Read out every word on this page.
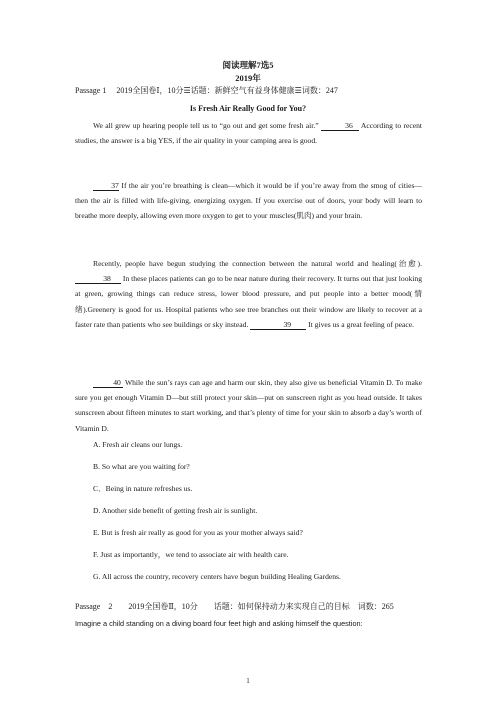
阅读理解7选5
2019年
Passage 1　 2019全国卷Ⅰ，10分☰话题：新鲜空气有益身体健康☰词数：247
Is Fresh Air Really Good for You?

We all grew up hearing people tell us to “go out and get some fresh air.”	36 According to recent studies, the answer is a big YES, if the air quality in your camping area is good.

37 If the air you’re breathing is clean—which it would be if you’re away from the smog of cities—then the air is filled with life-giving, energizing oxygen. If you exercise out of doors, your body will learn to breathe more deeply, allowing even more oxygen to get to your muscles(肌肉) and your brain.

Recently, people have begun studying the connection between the natural world and healing(治愈). 38 In these places patients can go to be near nature during their recovery. It turns out that just looking at green, growing things can reduce stress, lower blood pressure, and put people into a better mood(情绪).Greenery is good for us. Hospital patients who see tree branches out their window are likely to recover at a faster rate than patients who see buildings or sky instead.	39 It gives us a great feeling of peace.

40 While the sun’s rays can age and harm our skin, they also give us beneficial Vitamin D. To make sure you get enough Vitamin D—but still protect your skin—put on sunscreen right as you head outside. It takes sunscreen about fifteen minutes to start working, and that’s plenty of time for your skin to absorb a day’s worth of Vitamin D.

A. Fresh air cleans our lungs.
B. So what are you waiting for?
C．Being in nature refreshes us.
D. Another side benefit of getting fresh air is sunlight.
E. But is fresh air really as good for you as your mother always said?
F. Just as importantly，we tend to associate air with health care.
G. All across the country, recovery centers have begun building Healing Gardens.
Passage　2　　2019全国卷Ⅱ，10分　　话题：如何保持动力来实现自己的目标　词数：265
Imagine a child standing on a diving board four feet high and asking himself the question:
1
